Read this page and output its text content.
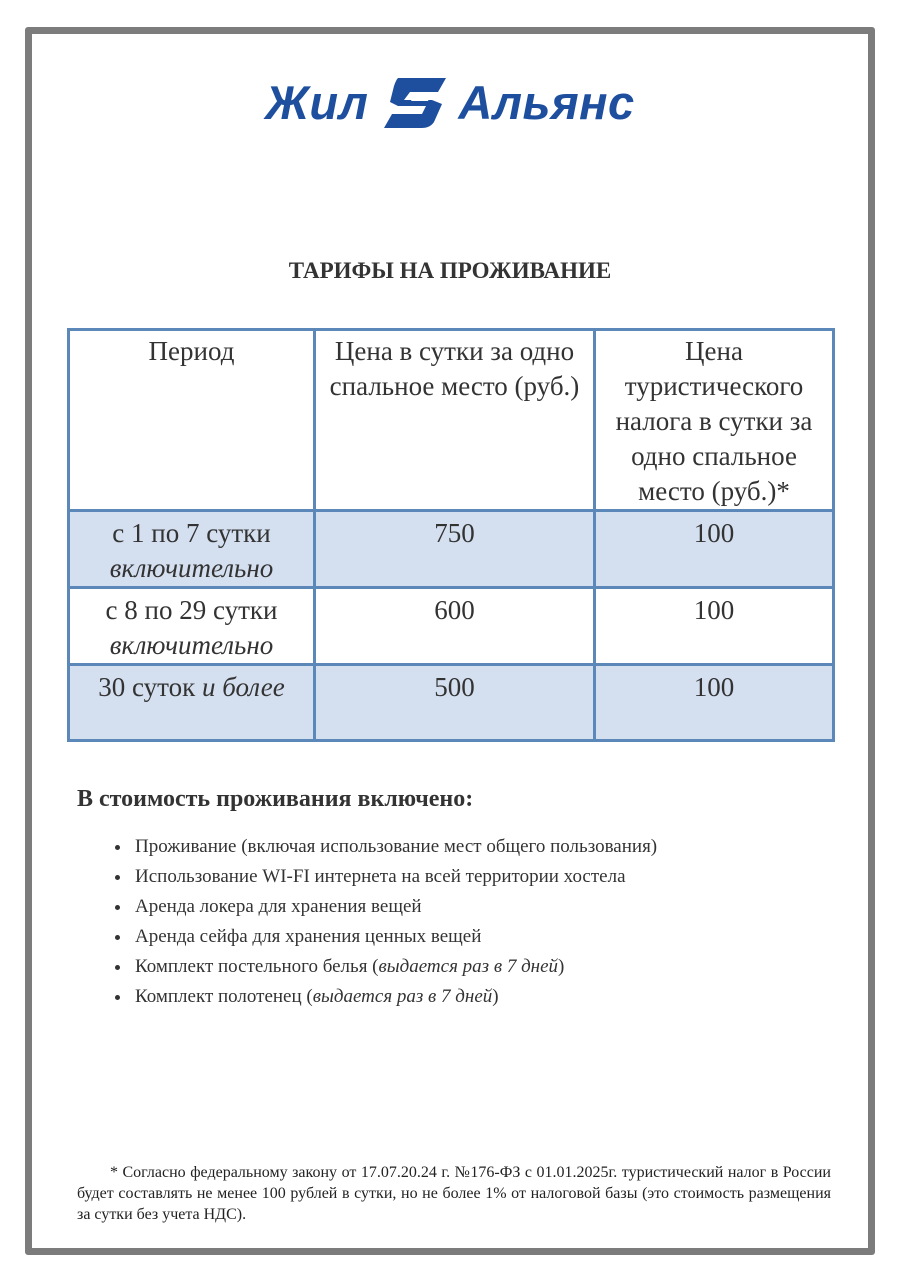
Жил Альянс
ТАРИФЫ НА ПРОЖИВАНИЕ
Период	Цена в сутки за одно спальное место (руб.)	Цена туристического налога в сутки за одно спальное место (руб.)*
с 1 по 7 сутки
включительно	750	100
с 8 по 29 сутки
включительно	600	100
30 суток и более	500	100
В стоимость проживания включено:
• Проживание (включая использование мест общего пользования)
• Использование WI-FI интернета на всей территории хостела
• Аренда локера для хранения вещей
• Аренда сейфа для хранения ценных вещей
• Комплект постельного белья (выдается раз в 7 дней)
• Комплект полотенец (выдается раз в 7 дней)
* Согласно федеральному закону от 17.07.20.24 г. №176-ФЗ с 01.01.2025г. туристический налог в России будет составлять не менее 100 рублей в сутки, но не более 1% от налоговой базы (это стоимость размещения за сутки без учета НДС).
